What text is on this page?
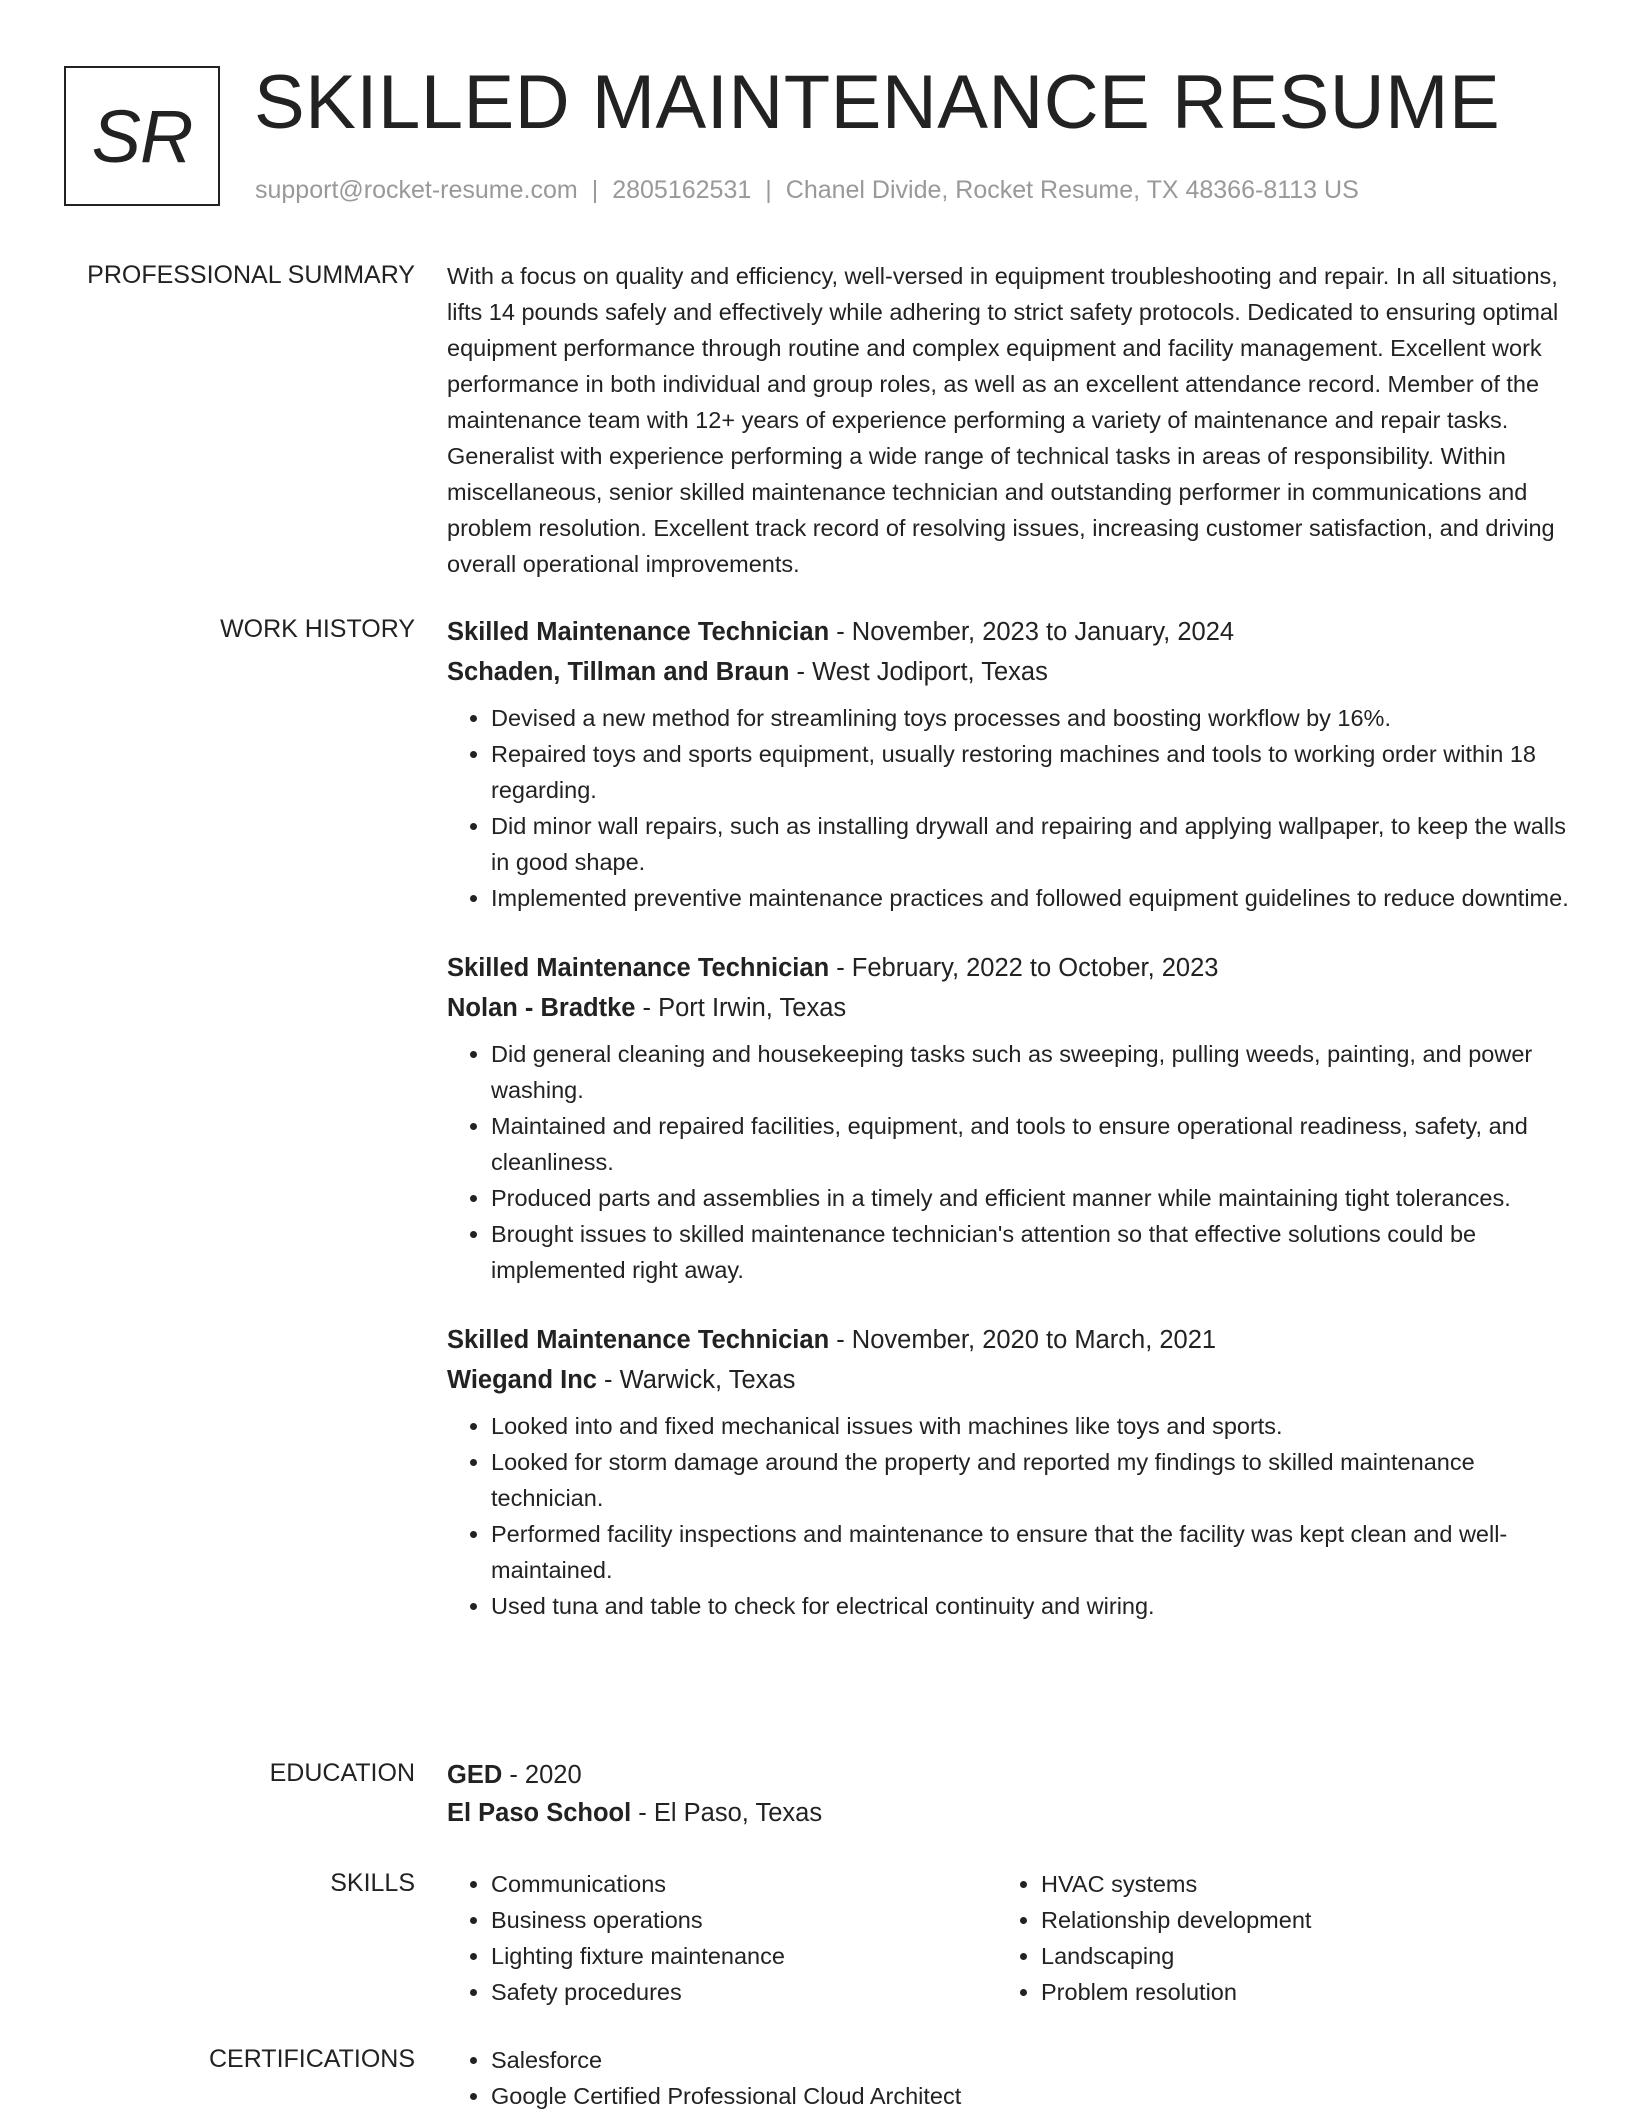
SR SKILLED MAINTENANCE RESUME
support@rocket-resume.com | 2805162531 | Chanel Divide, Rocket Resume, TX 48366-8113 US
PROFESSIONAL SUMMARY With a focus on quality and efficiency, well-versed in equipment troubleshooting and repair. In all situations, lifts 14 pounds safely and effectively while adhering to strict safety protocols. Dedicated to ensuring optimal equipment performance through routine and complex equipment and facility management. Excellent work performance in both individual and group roles, as well as an excellent attendance record. Member of the maintenance team with 12+ years of experience performing a variety of maintenance and repair tasks. Generalist with experience performing a wide range of technical tasks in areas of responsibility. Within miscellaneous, senior skilled maintenance technician and outstanding performer in communications and problem resolution. Excellent track record of resolving issues, increasing customer satisfaction, and driving overall operational improvements.

WORK HISTORY Skilled Maintenance Technician - November, 2023 to January, 2024
Schaden, Tillman and Braun - West Jodiport, Texas
• Devised a new method for streamlining toys processes and boosting workflow by 16%.
• Repaired toys and sports equipment, usually restoring machines and tools to working order within 18 regarding.
• Did minor wall repairs, such as installing drywall and repairing and applying wallpaper, to keep the walls in good shape.
• Implemented preventive maintenance practices and followed equipment guidelines to reduce downtime.
Skilled Maintenance Technician - February, 2022 to October, 2023
Nolan - Bradtke - Port Irwin, Texas
• Did general cleaning and housekeeping tasks such as sweeping, pulling weeds, painting, and power washing.
• Maintained and repaired facilities, equipment, and tools to ensure operational readiness, safety, and cleanliness.
• Produced parts and assemblies in a timely and efficient manner while maintaining tight tolerances.
• Brought issues to skilled maintenance technician's attention so that effective solutions could be implemented right away.
Skilled Maintenance Technician - November, 2020 to March, 2021
Wiegand Inc - Warwick, Texas
• Looked into and fixed mechanical issues with machines like toys and sports.
• Looked for storm damage around the property and reported my findings to skilled maintenance technician.
• Performed facility inspections and maintenance to ensure that the facility was kept clean and well-maintained.
• Used tuna and table to check for electrical continuity and wiring.
EDUCATION GED - 2020
El Paso School - El Paso, Texas
SKILLS	• Communications
• Business operations
• Lighting fixture maintenance
• Safety procedures
• HVAC systems
• Relationship development
• Landscaping
• Problem resolution
CERTIFICATIONS	• Salesforce
• Google Certified Professional Cloud Architect
